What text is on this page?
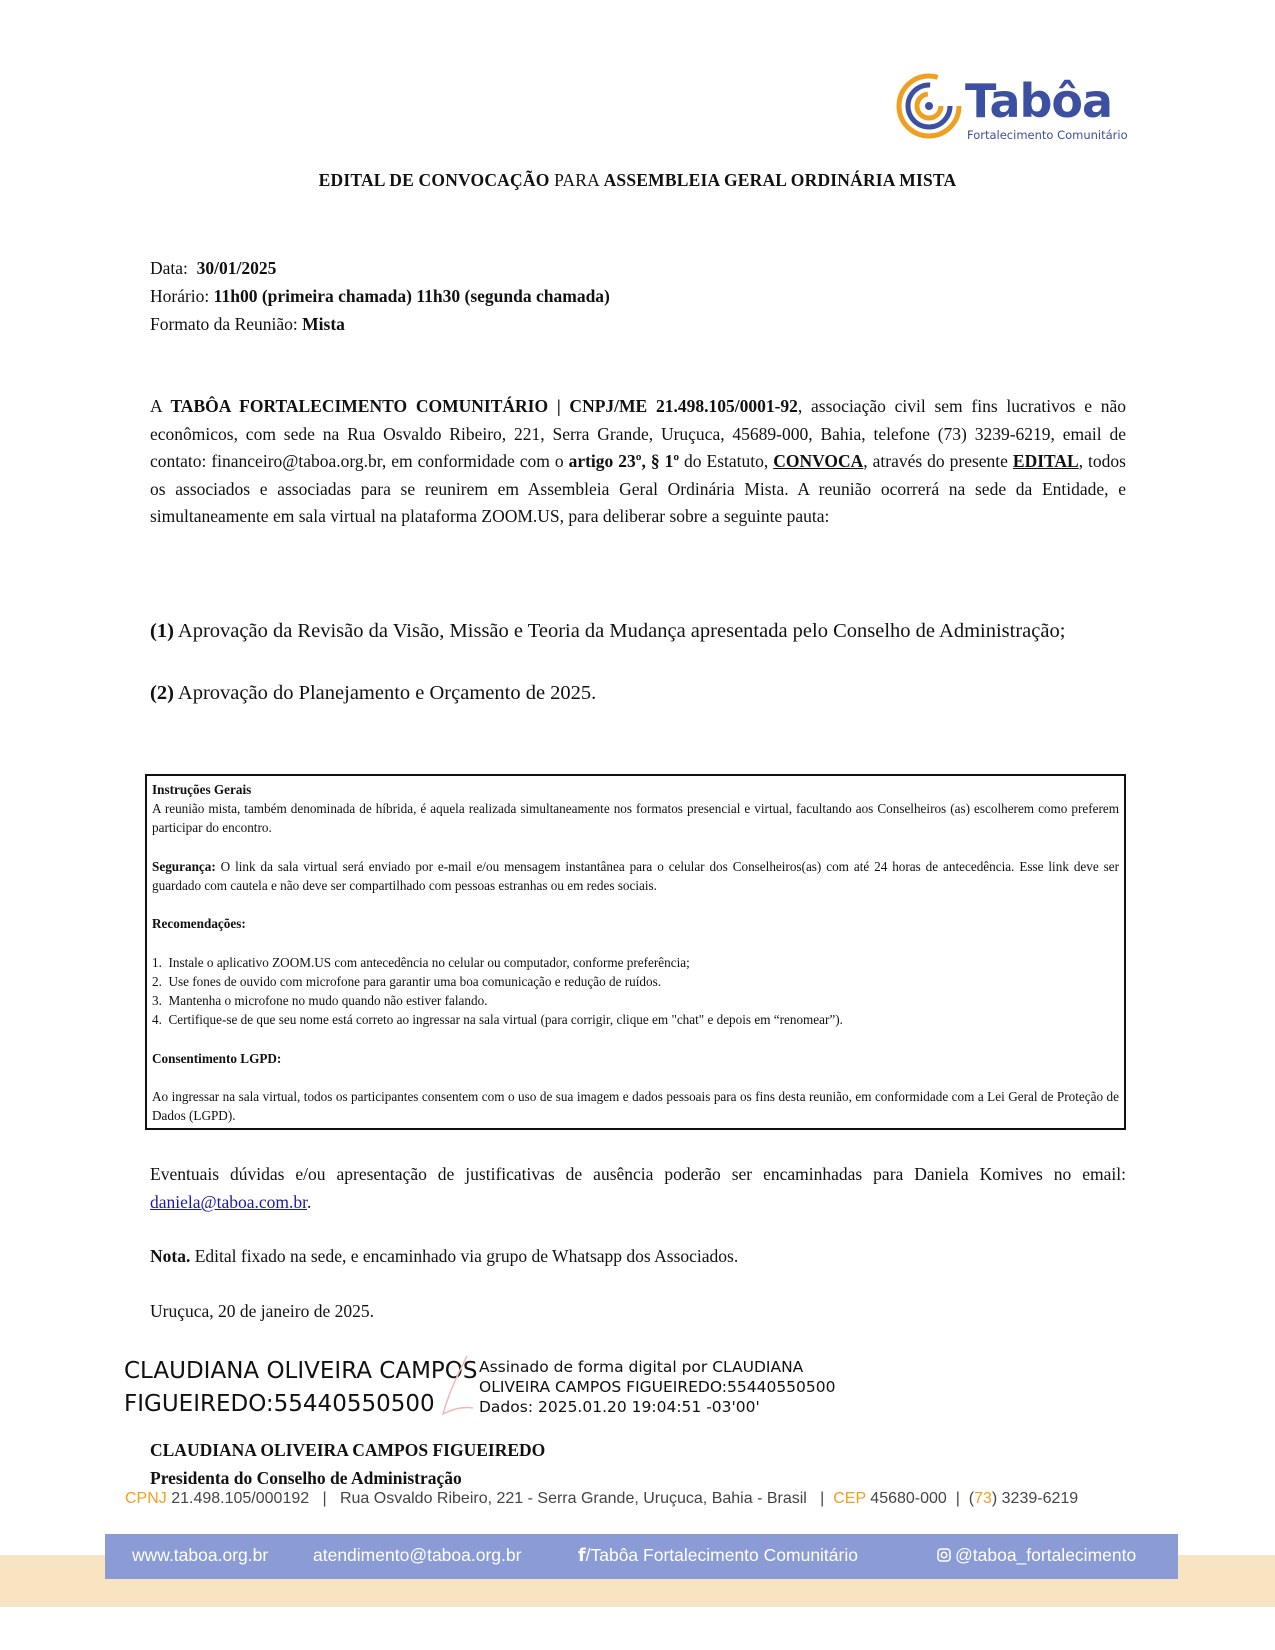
Tabôa
Fortalecimento Comunitário
EDITAL DE CONVOCAÇÃO PARA ASSEMBLEIA GERAL ORDINÁRIA MISTA
Data: 30/01/2025
Horário: 11h00 (primeira chamada) 11h30 (segunda chamada)
Formato da Reunião: Mista
A TABÔA FORTALECIMENTO COMUNITÁRIO | CNPJ/ME 21.498.105/0001-92, associação civil sem fins lucrativos e não econômicos, com sede na Rua Osvaldo Ribeiro, 221, Serra Grande, Uruçuca, 45689-000, Bahia, telefone (73) 3239-6219, email de contato: financeiro@taboa.org.br, em conformidade com o artigo 23º, § 1º do Estatuto, CONVOCA, através do presente EDITAL, todos os associados e associadas para se reunirem em Assembleia Geral Ordinária Mista. A reunião ocorrerá na sede da Entidade, e simultaneamente em sala virtual na plataforma ZOOM.US, para deliberar sobre a seguinte pauta:
(1) Aprovação da Revisão da Visão, Missão e Teoria da Mudança apresentada pelo Conselho de Administração;
(2) Aprovação do Planejamento e Orçamento de 2025.

Instruções Gerais

A reunião mista, também denominada de híbrida, é aquela realizada simultaneamente nos formatos presencial e virtual, facultando aos Conselheiros (as) escolherem como preferem participar do encontro.

Segurança: O link da sala virtual será enviado por e-mail e/ou mensagem instantânea para o celular dos Conselheiros(as) com até 24 horas de antecedência. Esse link deve ser guardado com cautela e não deve ser compartilhado com pessoas estranhas ou em redes sociais.

Recomendações:

1.  Instale o aplicativo ZOOM.US com antecedência no celular ou computador, conforme preferência;

2.  Use fones de ouvido com microfone para garantir uma boa comunicação e redução de ruídos.

3.  Mantenha o microfone no mudo quando não estiver falando.

4.  Certifique-se de que seu nome está correto ao ingressar na sala virtual (para corrigir, clique em "chat" e depois em “renomear”).

Consentimento LGPD:

Ao ingressar na sala virtual, todos os participantes consentem com o uso de sua imagem e dados pessoais para os fins desta reunião, em conformidade com a Lei Geral de Proteção de Dados (LGPD).

Eventuais dúvidas e/ou apresentação de justificativas de ausência poderão ser encaminhadas para Daniela Komives no email: daniela@taboa.com.br.
Nota. Edital fixado na sede, e encaminhado via grupo de Whatsapp dos Associados.
Uruçuca, 20 de janeiro de 2025.
CLAUDIANA OLIVEIRA CAMPOS
FIGUEIREDO:55440550500
Assinado de forma digital por CLAUDIANA
OLIVEIRA CAMPOS FIGUEIREDO:55440550500
Dados: 2025.01.20 19:04:51 -03'00'
CLAUDIANA OLIVEIRA CAMPOS FIGUEIREDO
Presidenta do Conselho de Administração
CPNJ 21.498.105/000192   |   Rua Osvaldo Ribeiro, 221 - Serra Grande, Uruçuca, Bahia - Brasil   |  CEP 45680-000  |  (73) 3239-6219
www.taboa.org.br	atendimento@taboa.org.br	f/Tabôa Fortalecimento Comunitário	@taboa_fortalecimento
